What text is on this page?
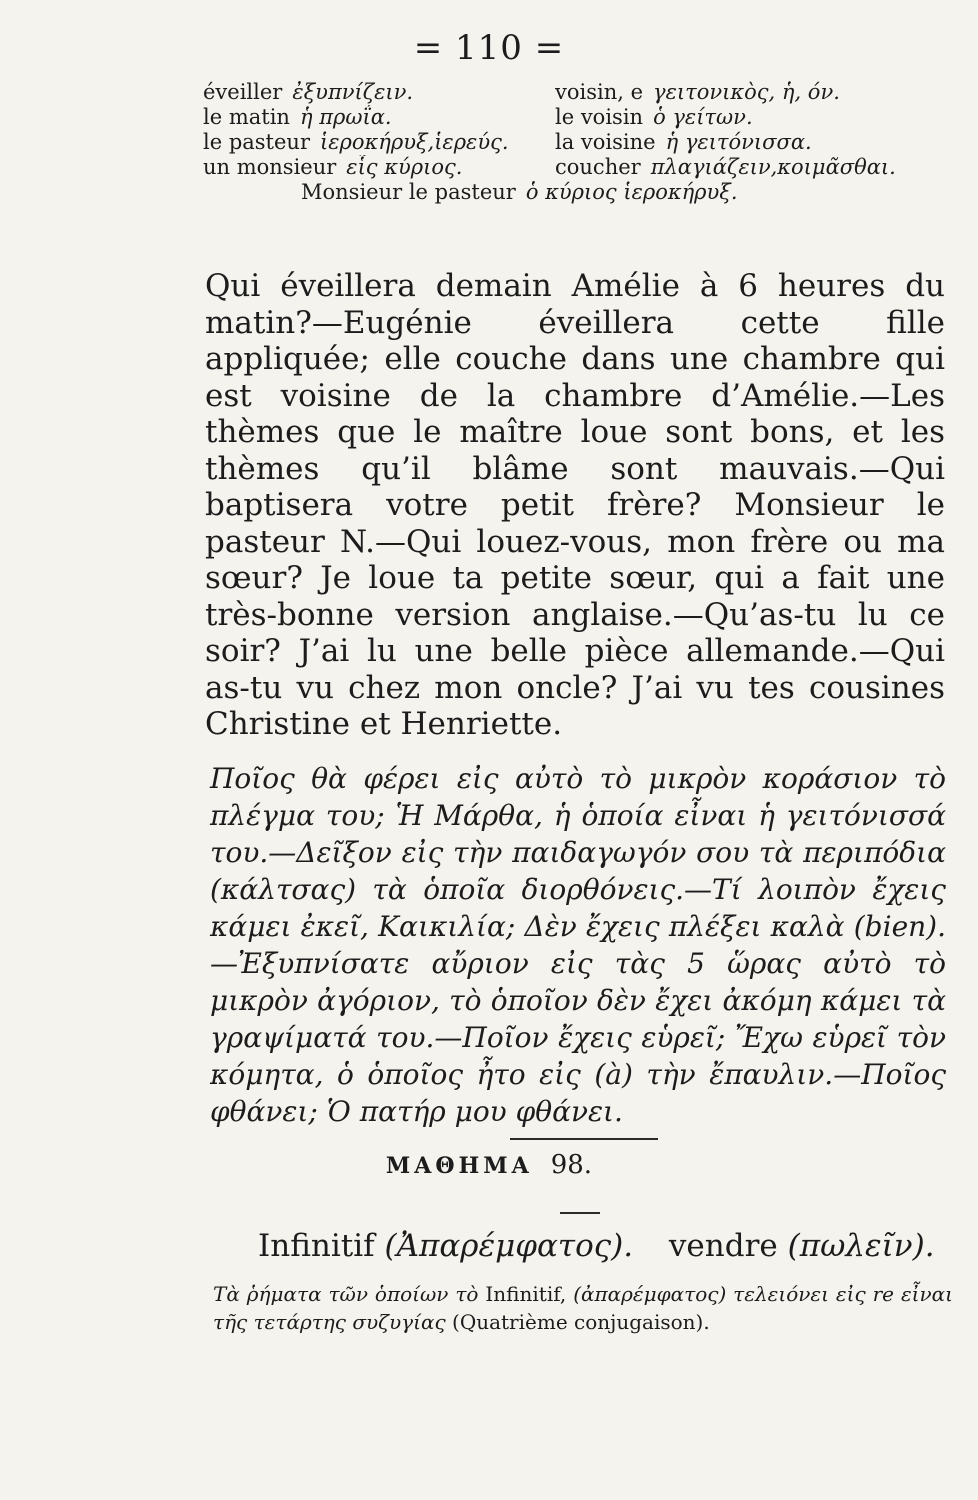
= 110 =
éveiller ἐξυπνίζειν.	voisin, e γειτονικὸς, ἡ, όν.
le matin ἡ πρωΐα.	le voisin ὁ γείτων.
le pasteur ἱεροκήρυξ,ἱερεύς.	la voisine ἡ γειτόνισσα.
un monsieur εἷς κύριος.	coucher πλαγιάζειν,κοιμᾶσθαι.
Monsieur le pasteur ὁ κύριος ἱεροκήρυξ.

Qui éveillera demain Amélie à 6 heures du matin?—Eugénie éveillera cette fille appliquée; elle couche dans une chambre qui est voisine de la chambre d’Amélie.—Les thèmes que le maître loue sont bons, et les thèmes qu’il blâme sont mauvais.—Qui baptisera votre petit frère? Monsieur le pasteur N.—Qui louez-vous, mon frère ou ma sœur? Je loue ta petite sœur, qui a fait une très-bonne version anglaise.—Qu’as-tu lu ce soir? J’ai lu une belle pièce allemande.—Qui as-tu vu chez mon oncle? J’ai vu tes cousines Christine et Henriette.

Ποῖος θὰ φέρει εἰς αὐτὸ τὸ μικρὸν κοράσιον τὸ πλέγμα του; Ἡ Μάρθα, ἡ ὁποία εἶναι ἡ γειτόνισσά του.—Δεῖξον εἰς τὴν παιδαγωγόν σου τὰ περιπόδια (κάλτσας) τὰ ὁποῖα διορθόνεις.—Τί λοιπὸν ἔχεις κάμει ἐκεῖ, Καικιλία; Δὲν ἔχεις πλέξει καλὰ (bien).—Ἐξυπνίσατε αὔριον εἰς τὰς 5 ὥρας αὐτὸ τὸ μικρὸν ἀγόριον, τὸ ὁποῖον δὲν ἔχει ἀκόμη κάμει τὰ γραψίματά του.—Ποῖον ἔχεις εὑρεῖ; Ἔχω εὑρεῖ τὸν κόμητα, ὁ ὁποῖος ἦτο εἰς (à) τὴν ἔπαυλιν.—Ποῖος φθάνει; Ὁ πατήρ μου φθάνει.

ΜΑΘΗΜΑ 98.
Infinitif (Ἀπαρέμφατος). vendre (πωλεῖν).
Τὰ ῥήματα τῶν ὁποίων τὸ Infinitif, (ἀπαρέμφατος) τελειόνει εἰς re εἶναι τῆς τετάρτης συζυγίας (Quatrième conjugaison).
